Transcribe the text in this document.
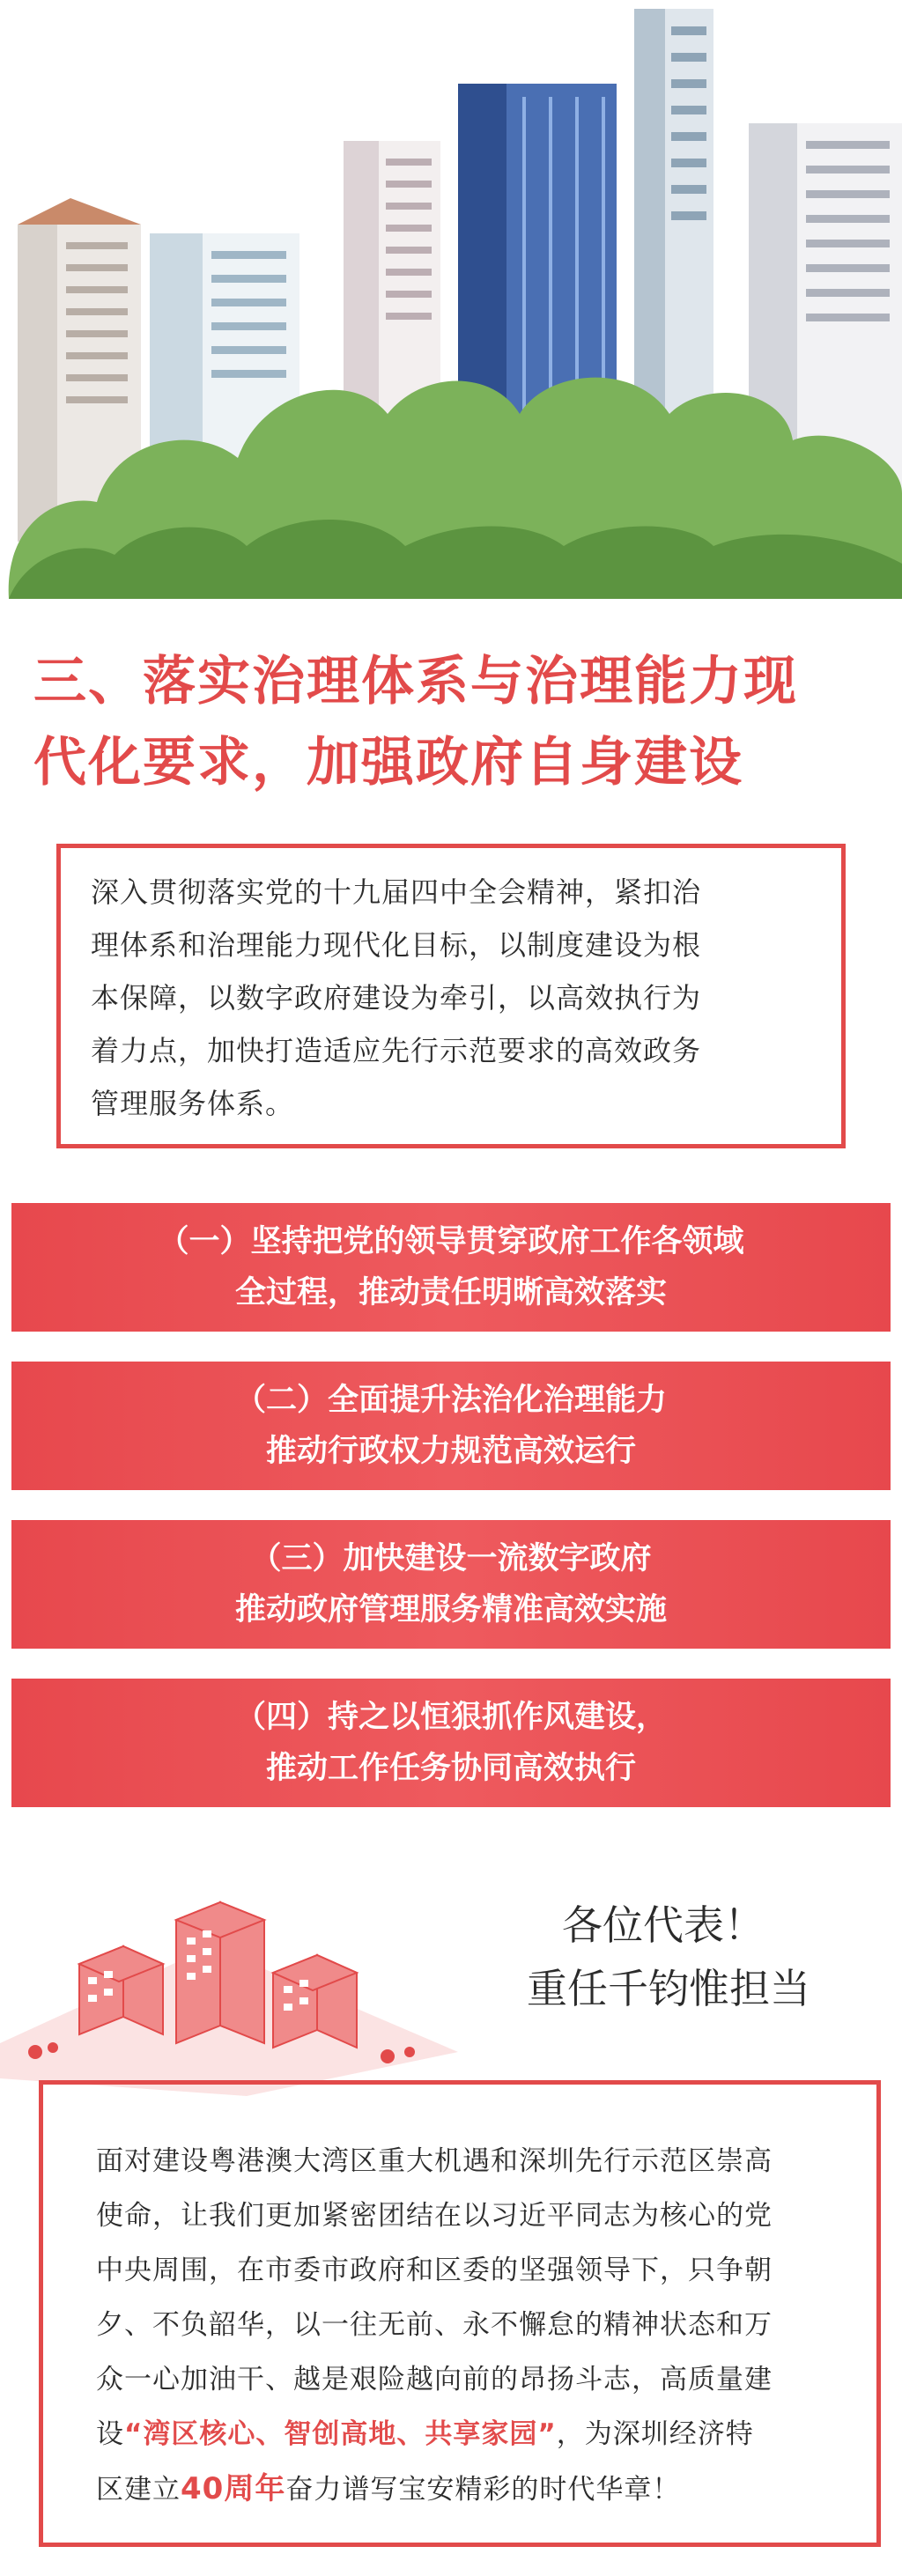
三、落实治理体系与治理能力现
代化要求，加强政府自身建设

深入贯彻落实党的十九届四中全会精神，紧扣治
理体系和治理能力现代化目标，以制度建设为根
本保障，以数字政府建设为牵引，以高效执行为
着力点，加快打造适应先行示范要求的高效政务
管理服务体系。

（一）坚持把党的领导贯穿政府工作各领域
全过程，推动责任明晰高效落实
（二）全面提升法治化治理能力
推动行政权力规范高效运行
（三）加快建设一流数字政府
推动政府管理服务精准高效实施
（四）持之以恒狠抓作风建设，
推动工作任务协同高效执行
各位代表！
重任千钧惟担当

面对建设粤港澳大湾区重大机遇和深圳先行示范区崇高
使命，让我们更加紧密团结在以习近平同志为核心的党
中央周围，在市委市政府和区委的坚强领导下，只争朝
夕、不负韶华，以一往无前、永不懈怠的精神状态和万
众一心加油干、越是艰险越向前的昂扬斗志，高质量建
设“湾区核心、智创高地、共享家园”，为深圳经济特
区建立40周年奋力谱写宝安精彩的时代华章！
